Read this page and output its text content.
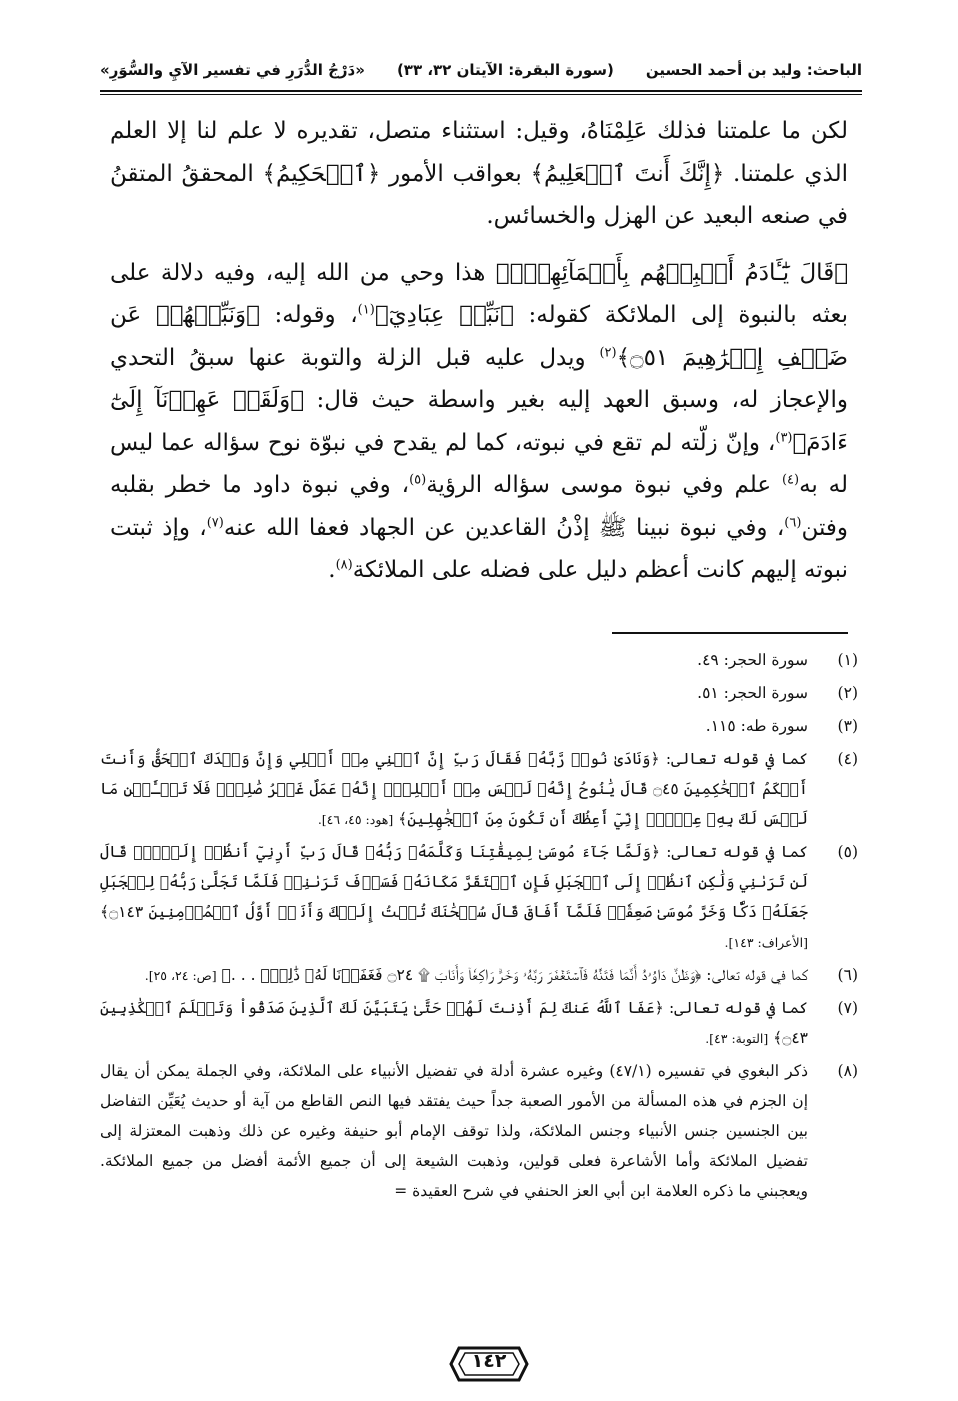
الباحث: وليد بن أحمد الحسين
(سورة البقرة: الآيتان ٣٢، ٣٣)
«دَرْجُ الدُّرَرِ في تفسير الآيِ والسُّوَرِ»

لكن ما علمتنا فذلك عَلِمْنَاهُ، وقيل: استثناء متصل، تقديره لا علم لنا إلا العلم الذي علمتنا. ﴿إِنَّكَ أَنتَ ٱلۡعَلِيمُ﴾ بعواقب الأمور ﴿ٱلۡحَكِيمُ﴾ المحققُ المتقنُ في صنعه البعيد عن الهزل والخسائس.

﴿قَالَ يَٰٓـَٔادَمُ أَنۢبِئۡهُم بِأَسۡمَآئِهِمۡۖ﴾ هذا وحي من الله إليه، وفيه دلالة على بعثه بالنبوة إلى الملائكة كقوله: ﴿نَبِّئۡ عِبَادِيٓ﴾$^{(١)}$، وقوله: ﴿وَنَبِّئۡهُمۡ عَن ضَيۡفِ إِبۡرَٰهِيمَ ۝٥١﴾$^{(٢)}$ ويدل عليه قبل الزلة والتوبة عنها سبقُ التحدي والإعجاز له، وسبق العهد إليه بغير واسطة حيث قال: ﴿وَلَقَدۡ عَهِدۡنَآ إِلَىٰٓ ءَادَمَ﴾$^{(٣)}$، وإنّ زلّته لم تقع في نبوته، كما لم يقدح في نبوّة نوح سؤاله عما ليس له به$^{(٤)}$ علم وفي نبوة موسى سؤاله الرؤية$^{(٥)}$، وفي نبوة داود ما خطر بقلبه وفتن$^{(٦)}$، وفي نبوة نبينا ﷺ إذْنُ القاعدين عن الجهاد فعفا الله عنه$^{(٧)}$، وإذ ثبتت نبوته إليهم كانت أعظم دليل على فضله على الملائكة$^{(٨)}$.

(١)
سورة الحجر: ٤٩.
(٢)
سورة الحجر: ٥١.
(٣)
سورة طه: ١١٥.
(٤)
كما في قوله تعالى: ﴿وَنَادَىٰ نُوحٞ رَّبَّهُۥ فَقَالَ رَبِّ إِنَّ ٱبۡنِي مِنۡ أَهۡلِي وَإِنَّ وَعۡدَكَ ٱلۡحَقُّ وَأَنتَ أَحۡكَمُ ٱلۡحَٰكِمِينَ ۝٤٥ قَالَ يَٰنُوحُ إِنَّهُۥ لَيۡسَ مِنۡ أَهۡلِكَۖ إِنَّهُۥ عَمَلٌ غَيۡرُ صَٰلِحٖۖ فَلَا تَسۡـَٔلۡنِ مَا لَيۡسَ لَكَ بِهِۦ عِلۡمٌۖ إِنِّيٓ أَعِظُكَ أَن تَكُونَ مِنَ ٱلۡجَٰهِلِينَ﴾ [هود: ٤٥، ٤٦].
(٥)
كما في قوله تعالى: ﴿وَلَمَّا جَآءَ مُوسَىٰ لِمِيقَٰتِنَا وَكَلَّمَهُۥ رَبُّهُۥ قَالَ رَبِّ أَرِنِيٓ أَنظُرۡ إِلَيۡكَۚ قَالَ لَن تَرَىٰنِي وَلَٰكِنِ ٱنظُرۡ إِلَى ٱلۡجَبَلِ فَإِنِ ٱسۡتَقَرَّ مَكَانَهُۥ فَسَوۡفَ تَرَىٰنِيۚ فَلَمَّا تَجَلَّىٰ رَبُّهُۥ لِلۡجَبَلِ جَعَلَهُۥ دَكّٗا وَخَرَّ مُوسَىٰ صَعِقٗاۚ فَلَمَّآ أَفَاقَ قَالَ سُبۡحَٰنَكَ تُبۡتُ إِلَيۡكَ وَأَنَا۠ أَوَّلُ ٱلۡمُؤۡمِنِينَ ۝١٤٣﴾ [الأعراف: ١٤٣].
(٦)
كما في قوله تعالى: ﴿وَظَنَّ دَاوُۥدُ أَنَّمَا فَتَنَّٰهُ فَٱسۡتَغۡفَرَ رَبَّهُۥ وَخَرَّۤ رَاكِعٗاۤ وَأَنَابَ ۩ ۝٢٤ فَغَفَرۡنَا لَهُۥ ذَٰلِكَۖ . . .﴾ [ص: ٢٤، ٢٥].
(٧)
كما في قوله تعالى: ﴿عَفَا ٱللَّهُ عَنكَ لِمَ أَذِنتَ لَهُمۡ حَتَّىٰ يَتَبَيَّنَ لَكَ ٱلَّذِينَ صَدَقُواْ وَتَعۡلَمَ ٱلۡكَٰذِبِينَ ۝٤٣﴾ [التوبة: ٤٣].
(٨)
ذكر البغوي في تفسيره (٤٧/١) وغيره عشرة أدلة في تفضيل الأنبياء على الملائكة، وفي الجملة يمكن أن يقال إن الجزم في هذه المسألة من الأمور الصعبة جداً حيث يفتقد فيها النص القاطع من آية أو حديث يُعَيِّن التفاضل بين الجنسين جنس الأنبياء وجنس الملائكة، ولذا توقف الإمام أبو حنيفة وغيره عن ذلك وذهبت المعتزلة إلى تفضيل الملائكة وأما الأشاعرة فعلى قولين، وذهبت الشيعة إلى أن جميع الأئمة أفضل من جميع الملائكة. ويعجبني ما ذكره العلامة ابن أبي العز الحنفي في شرح العقيدة =
١٤٢
